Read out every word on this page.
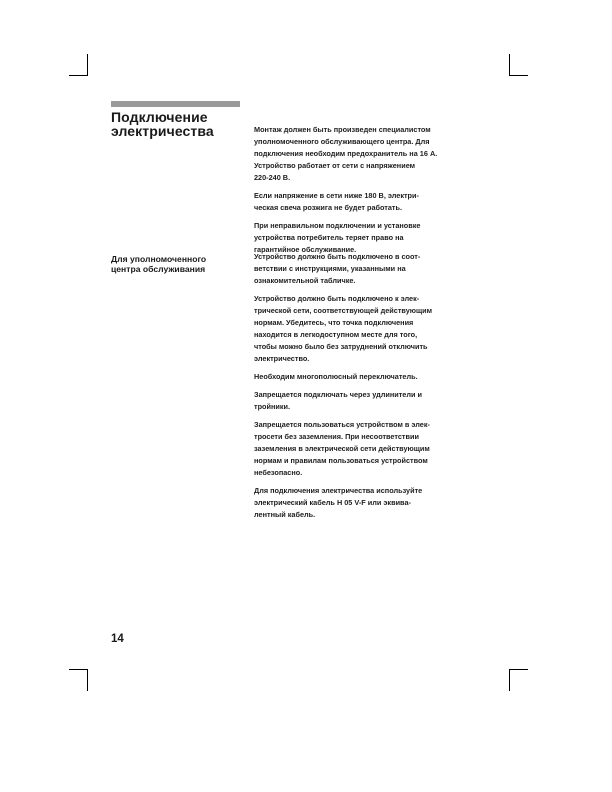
Подключение
электричества
Для уполномоченного
центра обслуживания
Монтаж должен быть произведен специалистом
уполномоченного обслуживающего центра. Для
подключения необходим предохранитель на 16 А.
Устройство работает от сети с напряжением
220-240 В.
Если напряжение в сети ниже 180 В, электри-
ческая свеча розжига не будет работать.
При неправильном подключении и установке
устройства потребитель теряет право на
гарантийное обслуживание.
Устройство должно быть подключено в соот-
ветствии с инструкциями, указанными на
ознакомительной табличке.
Устройство должно быть подключено к элек-
трической сети, соответствующей действующим
нормам. Убедитесь, что точка подключения
находится в легкодоступном месте для того,
чтобы можно было без затруднений отключить
электричество.
Необходим многополюсный переключатель.
Запрещается подключать через удлинители и
тройники.
Запрещается пользоваться устройством в элек-
тросети без заземления. При несоответствии
заземления в электрической сети действующим
нормам и правилам пользоваться устройством
небезопасно.
Для подключения электричества используйте
электрический кабель Н 05 V-F или эквива-
лентный кабель.
14
